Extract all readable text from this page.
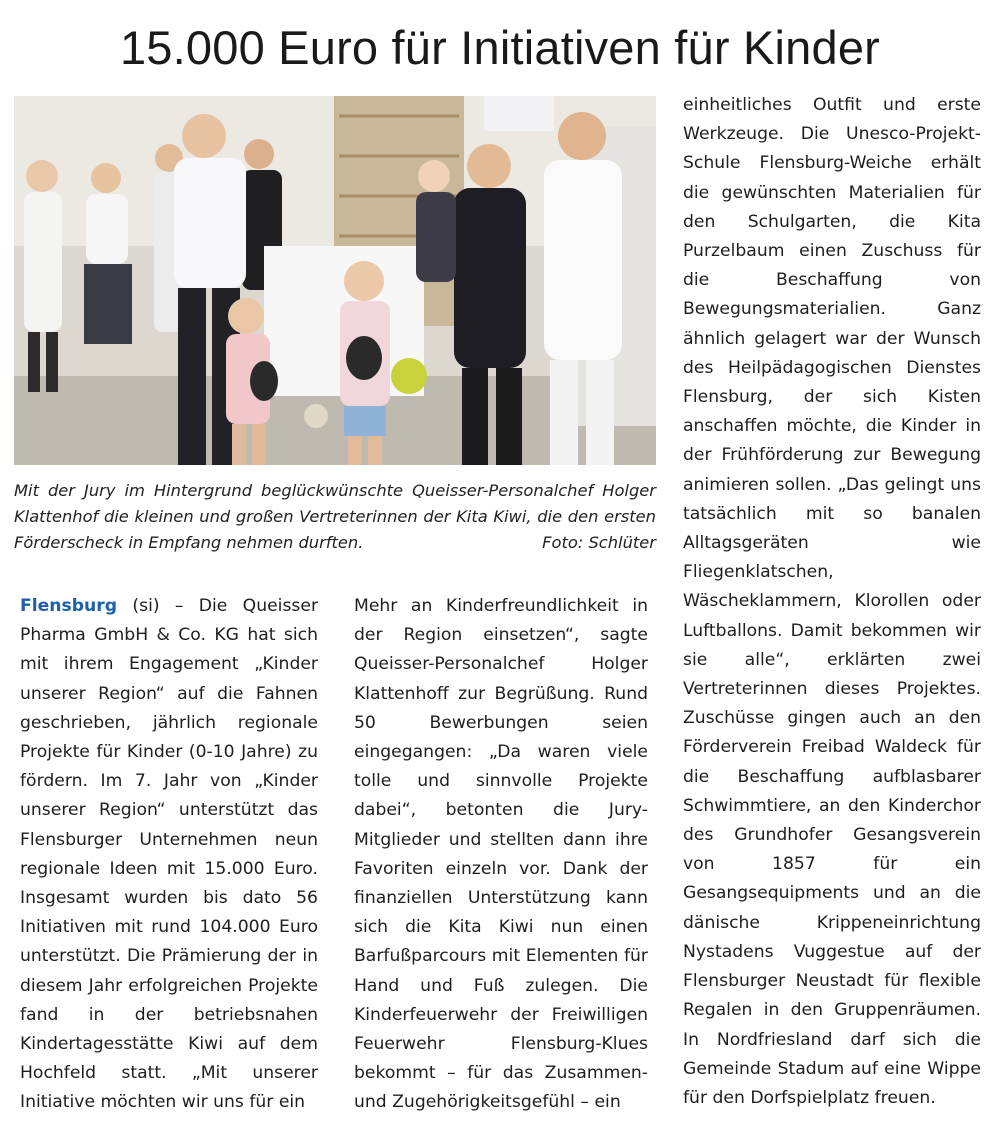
15.000 Euro für Initiativen für Kinder
Mit der Jury im Hintergrund beglückwünschte Queisser-Personalchef Holger Klattenhof die kleinen und großen Vertreterinnen der Kita Kiwi, die den ersten Förderscheck in Empfang nehmen durften.	Foto: Schlüter
Flensburg (si) – Die Queisser Pharma GmbH & Co. KG hat sich mit ihrem Engagement „Kinder unserer Region“ auf die Fahnen geschrieben, jährlich regionale Projekte für Kinder (0-10 Jahre) zu fördern. Im 7. Jahr von „Kinder unserer Region“ unterstützt das Flensburger Unternehmen neun regionale Ideen mit 15.000 Euro. Insgesamt wurden bis dato 56 Initiativen mit rund 104.000 Euro unterstützt. Die Prämierung der in diesem Jahr erfolgreichen Projekte fand in der betriebsnahen Kindertagesstätte Kiwi auf dem Hochfeld statt. „Mit unserer Initiative möchten wir uns für ein
Mehr an Kinderfreundlichkeit in der Region einsetzen“, sagte Queisser-Personalchef Holger Klattenhoff zur Begrüßung. Rund 50 Bewerbungen seien eingegangen: „Da waren viele tolle und sinnvolle Projekte dabei“, betonten die Jury-Mitglieder und stellten dann ihre Favoriten einzeln vor. Dank der finanziellen Unterstützung kann sich die Kita Kiwi nun einen Barfußparcours mit Elementen für Hand und Fuß zulegen. Die Kinderfeuerwehr der Freiwilligen Feuerwehr Flensburg-Klues bekommt – für das Zusammen- und Zugehörigkeitsgefühl – ein
einheitliches Outfit und erste Werkzeuge. Die Unesco-Projekt-Schule Flensburg-Weiche erhält die gewünschten Materialien für den Schulgarten, die Kita Purzelbaum einen Zuschuss für die Beschaffung von Bewegungsmaterialien. Ganz ähnlich gelagert war der Wunsch des Heilpädagogischen Dienstes Flensburg, der sich Kisten anschaffen möchte, die Kinder in der Frühförderung zur Bewegung animieren sollen. „Das gelingt uns tatsächlich mit so banalen Alltagsgeräten wie Fliegenklatschen, Wäscheklammern, Klorollen oder Luftballons. Damit bekommen wir sie alle“, erklärten zwei Vertreterinnen dieses Projektes. Zuschüsse gingen auch an den Förderverein Freibad Waldeck für die Beschaffung aufblasbarer Schwimmtiere, an den Kinderchor des Grundhofer Gesangsverein von 1857 für ein Gesangsequipments und an die dänische Krippeneinrichtung Nystadens Vuggestue auf der Flensburger Neustadt für flexible Regalen in den Gruppenräumen. In Nordfriesland darf sich die Gemeinde Stadum auf eine Wippe für den Dorfspielplatz freuen.
